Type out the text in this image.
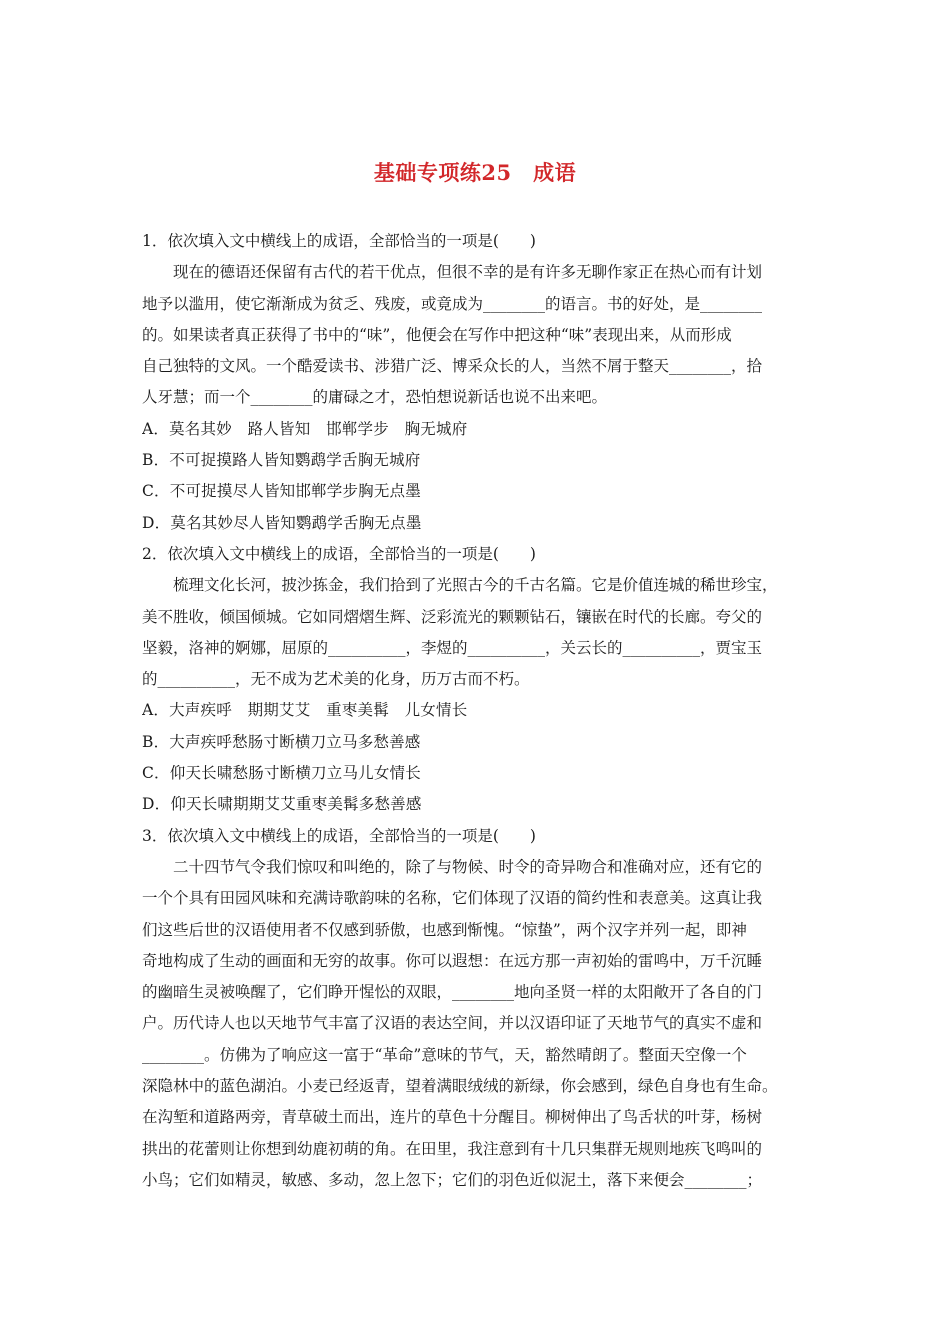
基础专项练25　成语
1．依次填入文中横线上的成语，全部恰当的一项是(　　)
现在的德语还保留有古代的若干优点，但很不幸的是有许多无聊作家正在热心而有计划
地予以滥用，使它渐渐成为贫乏、残废，或竟成为________的语言。书的好处，是________
的。如果读者真正获得了书中的“味”，他便会在写作中把这种“味”表现出来，从而形成
自己独特的文风。一个酷爱读书、涉猎广泛、博采众长的人，当然不屑于整天________，拾
人牙慧；而一个________的庸碌之才，恐怕想说新话也说不出来吧。
A．莫名其妙　路人皆知　邯郸学步　胸无城府
B．不可捉摸路人皆知鹦鹉学舌胸无城府
C．不可捉摸尽人皆知邯郸学步胸无点墨
D．莫名其妙尽人皆知鹦鹉学舌胸无点墨
2．依次填入文中横线上的成语，全部恰当的一项是(　　)
梳理文化长河，披沙拣金，我们拾到了光照古今的千古名篇。它是价值连城的稀世珍宝，
美不胜收，倾国倾城。它如同熠熠生辉、泛彩流光的颗颗钻石，镶嵌在时代的长廊。夸父的
坚毅，洛神的婀娜，屈原的__________，李煜的__________，关云长的__________，贾宝玉
的__________，无不成为艺术美的化身，历万古而不朽。
A．大声疾呼　期期艾艾　重枣美髯　儿女情长
B．大声疾呼愁肠寸断横刀立马多愁善感
C．仰天长啸愁肠寸断横刀立马儿女情长
D．仰天长啸期期艾艾重枣美髯多愁善感
3．依次填入文中横线上的成语，全部恰当的一项是(　　)
二十四节气令我们惊叹和叫绝的，除了与物候、时令的奇异吻合和准确对应，还有它的
一个个具有田园风味和充满诗歌韵味的名称，它们体现了汉语的简约性和表意美。这真让我
们这些后世的汉语使用者不仅感到骄傲，也感到惭愧。“惊蛰”，两个汉字并列一起，即神
奇地构成了生动的画面和无穷的故事。你可以遐想：在远方那一声初始的雷鸣中，万千沉睡
的幽暗生灵被唤醒了，它们睁开惺忪的双眼，________地向圣贤一样的太阳敞开了各自的门
户。历代诗人也以天地节气丰富了汉语的表达空间，并以汉语印证了天地节气的真实不虚和
________。仿佛为了响应这一富于“革命”意味的节气，天，豁然晴朗了。整面天空像一个
深隐林中的蓝色湖泊。小麦已经返青，望着满眼绒绒的新绿，你会感到，绿色自身也有生命。
在沟堑和道路两旁，青草破土而出，连片的草色十分醒目。柳树伸出了鸟舌状的叶芽，杨树
拱出的花蕾则让你想到幼鹿初萌的角。在田里，我注意到有十几只集群无规则地疾飞鸣叫的
小鸟；它们如精灵，敏感、多动，忽上忽下；它们的羽色近似泥土，落下来便会________；
